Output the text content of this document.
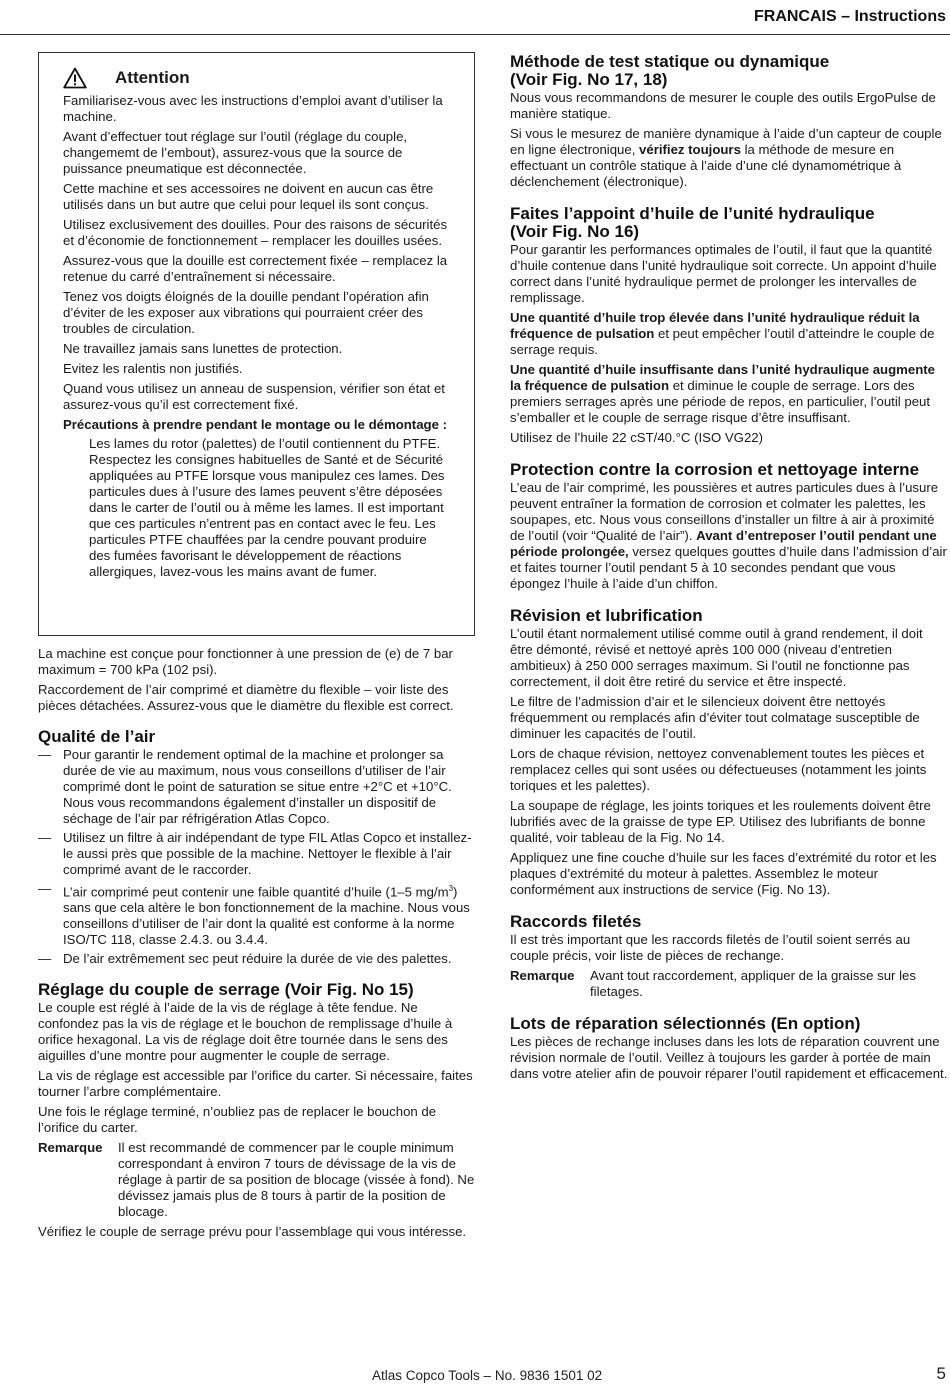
FRANCAIS – Instructions
Attention

Familiarisez-vous avec les instructions d’emploi avant d’utiliser la machine.

Avant d’effectuer tout réglage sur l’outil (réglage du couple, changememt de l’embout), assurez-vous que la source de puissance pneumatique est déconnectée.

Cette machine et ses accessoires ne doivent en aucun cas être utilisés dans un but autre que celui pour lequel ils sont conçus.

Utilisez exclusivement des douilles. Pour des raisons de sécurités et d’économie de fonctionnement – remplacer les douilles usées.

Assurez-vous que la douille est correctement fixée – remplacez la retenue du carré d’entraînement si nécessaire.

Tenez vos doigts éloignés de la douille pendant l’opération afin d’éviter de les exposer aux vibrations qui pourraient créer des troubles de circulation.

Ne travaillez jamais sans lunettes de protection.

Evitez les ralentis non justifiés.

Quand vous utilisez un anneau de suspension, vérifier son état et assurez-vous qu’il est correctement fixé.

Précautions à prendre pendant le montage ou le démontage :

Les lames du rotor (palettes) de l’outil contiennent du PTFE. Respectez les consignes habituelles de Santé et de Sécurité appliquées au PTFE lorsque vous manipulez ces lames. Des particules dues à l’usure des lames peuvent s’être déposées dans le carter de l’outil ou à même les lames. Il est important que ces particules n’entrent pas en contact avec le feu. Les particules PTFE chauffées par la cendre pouvant produire des fumées favorisant le développement de réactions allergiques, lavez-vous les mains avant de fumer.

La machine est conçue pour fonctionner à une pression de (e) de 7 bar maximum = 700 kPa (102 psi).

Raccordement de l’air comprimé et diamètre du flexible – voir liste des pièces détachées. Assurez-vous que le diamètre du flexible est correct.

Qualité de l’air
— Pour garantir le rendement optimal de la machine et prolonger sa durée de vie au maximum, nous vous conseillons d’utiliser de l’air comprimé dont le point de saturation se situe entre +2°C et +10°C. Nous vous recommandons également d’installer un dispositif de séchage de l’air par réfrigération Atlas Copco.
— Utilisez un filtre à air indépendant de type FIL Atlas Copco et installez-le aussi près que possible de la machine. Nettoyer le flexible à l’air comprimé avant de le raccorder.
— L’air comprimé peut contenir une faible quantité d’huile (1–5 $mg/m^3$) sans que cela altère le bon fonctionnement de la machine. Nous vous conseillons d’utiliser de l’air dont la qualité est conforme à la norme ISO/TC 118, classe 2.4.3. ou 3.4.4.
— De l’air extrêmement sec peut réduire la durée de vie des palettes.
Réglage du couple de serrage (Voir Fig. No 15)

Le couple est réglé à l’aide de la vis de réglage à tête fendue. Ne confondez pas la vis de réglage et le bouchon de remplissage d’huile à orifice hexagonal. La vis de réglage doit être tournée dans le sens des aiguilles d’une montre pour augmenter le couple de serrage.

La vis de réglage est accessible par l’orifice du carter. Si nécessaire, faites tourner l’arbre complémentaire.

Une fois le réglage terminé, n’oubliez pas de replacer le bouchon de l’orifice du carter.

Remarque	Il est recommandé de commencer par le couple minimum correspondant à environ 7 tours de dévissage de la vis de réglage à partir de sa position de blocage (vissée à fond). Ne dévissez jamais plus de 8 tours à partir de la position de blocage.

Vérifiez le couple de serrage prévu pour l’assemblage qui vous intéresse.

Méthode de test statique ou dynamique
(Voir Fig. No 17, 18)

Nous vous recommandons de mesurer le couple des outils ErgoPulse de manière statique.

Si vous le mesurez de manière dynamique à l’aide d’un capteur de couple en ligne électronique, vérifiez toujours la méthode de mesure en effectuant un contrôle statique à l’aide d’une clé dynamométrique à déclenchement (électronique).

Faites l’appoint d’huile de l’unité hydraulique
(Voir Fig. No 16)

Pour garantir les performances optimales de l’outil, il faut que la quantité d’huile contenue dans l’unité hydraulique soit correcte. Un appoint d’huile correct dans l’unité hydraulique permet de prolonger les intervalles de remplissage.

Une quantité d’huile trop élevée dans l’unité hydraulique réduit la fréquence de pulsation et peut empêcher l’outil d’atteindre le couple de serrage requis.

Une quantité d’huile insuffisante dans l’unité hydraulique augmente la fréquence de pulsation et diminue le couple de serrage. Lors des premiers serrages après une période de repos, en particulier, l’outil peut s’emballer et le couple de serrage risque d’être insuffisant.

Utilisez de l’huile 22 cST/40.°C (ISO VG22)

Protection contre la corrosion et nettoyage interne

L’eau de l’air comprimé, les poussières et autres particules dues à l’usure peuvent entraîner la formation de corrosion et colmater les palettes, les soupapes, etc. Nous vous conseillons d’installer un filtre à air à proximité de l’outil (voir “Qualité de l’air”). Avant d’entreposer l’outil pendant une période prolongée, versez quelques gouttes d’huile dans l’admission d’air et faites tourner l’outil pendant 5 à 10 secondes pendant que vous épongez l’huile à l’aide d’un chiffon.

Révision et lubrification

L’outil étant normalement utilisé comme outil à grand rendement, il doit être démonté, révisé et nettoyé après 100 000 (niveau d’entretien ambitieux) à 250 000 serrages maximum. Si l’outil ne fonctionne pas correctement, il doit être retiré du service et être inspecté.

Le filtre de l’admission d’air et le silencieux doivent être nettoyés fréquemment ou remplacés afin d’éviter tout colmatage susceptible de diminuer les capacités de l’outil.

Lors de chaque révision, nettoyez convenablement toutes les pièces et remplacez celles qui sont usées ou défectueuses (notamment les joints toriques et les palettes).

La soupape de réglage, les joints toriques et les roulements doivent être lubrifiés avec de la graisse de type EP. Utilisez des lubrifiants de bonne qualité, voir tableau de la Fig. No 14.

Appliquez une fine couche d’huile sur les faces d’extrémité du rotor et les plaques d’extrémité du moteur à palettes. Assemblez le moteur conformément aux instructions de service (Fig. No 13).

Raccords filetés

Il est très important que les raccords filetés de l’outil soient serrés au couple précis, voir liste de pièces de rechange.

Remarque	Avant tout raccordement, appliquer de la graisse sur les filetages.
Lots de réparation sélectionnés (En option)

Les pièces de rechange incluses dans les lots de réparation couvrent une révision normale de l’outil. Veillez à toujours les garder à portée de main dans votre atelier afin de pouvoir réparer l’outil rapidement et efficacement.

Atlas Copco Tools – No. 9836 1501 02	5
